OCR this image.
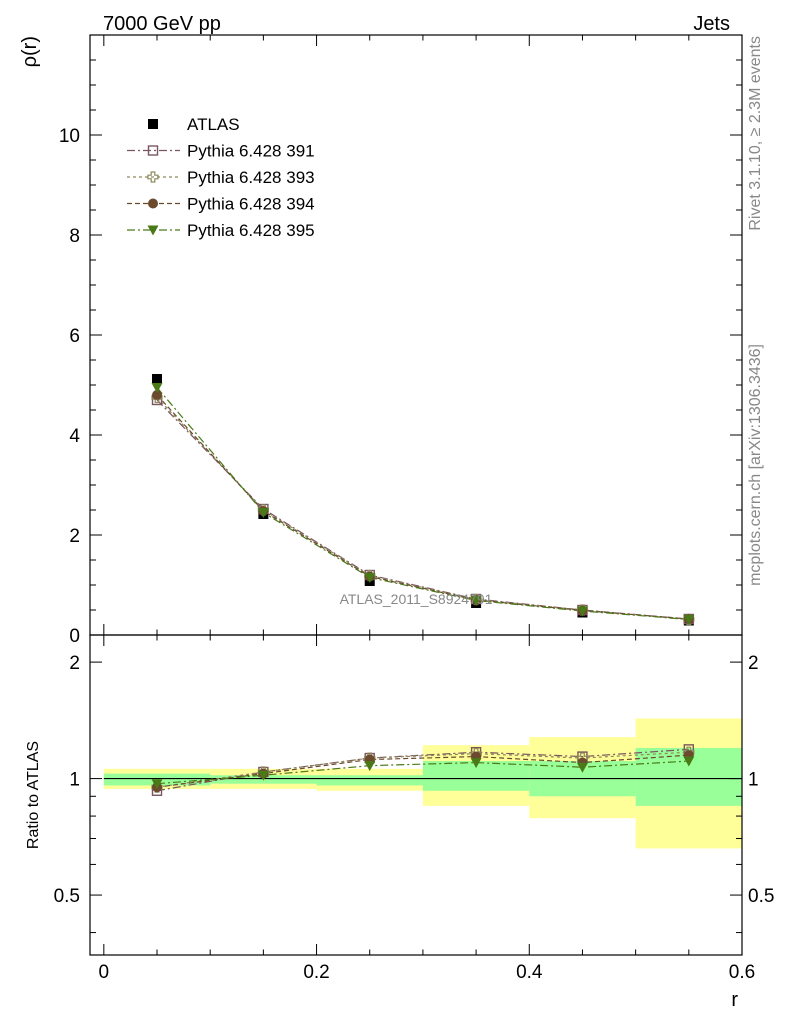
0
2
4
6
8
10
0.5	0.5
1	1
2	2
0	0.2	0.4	0.6
ATLAS
Pythia 6.428 391
Pythia 6.428 393
Pythia 6.428 394
Pythia 6.428 395
7000 GeV pp	Jets
Rivet 3.1.10, ≥ 2.3M events
mcplots.cern.ch [arXiv:1306.3436]
ATLAS_2011_S8924791
ρ(r)
Ratio to ATLAS
r
